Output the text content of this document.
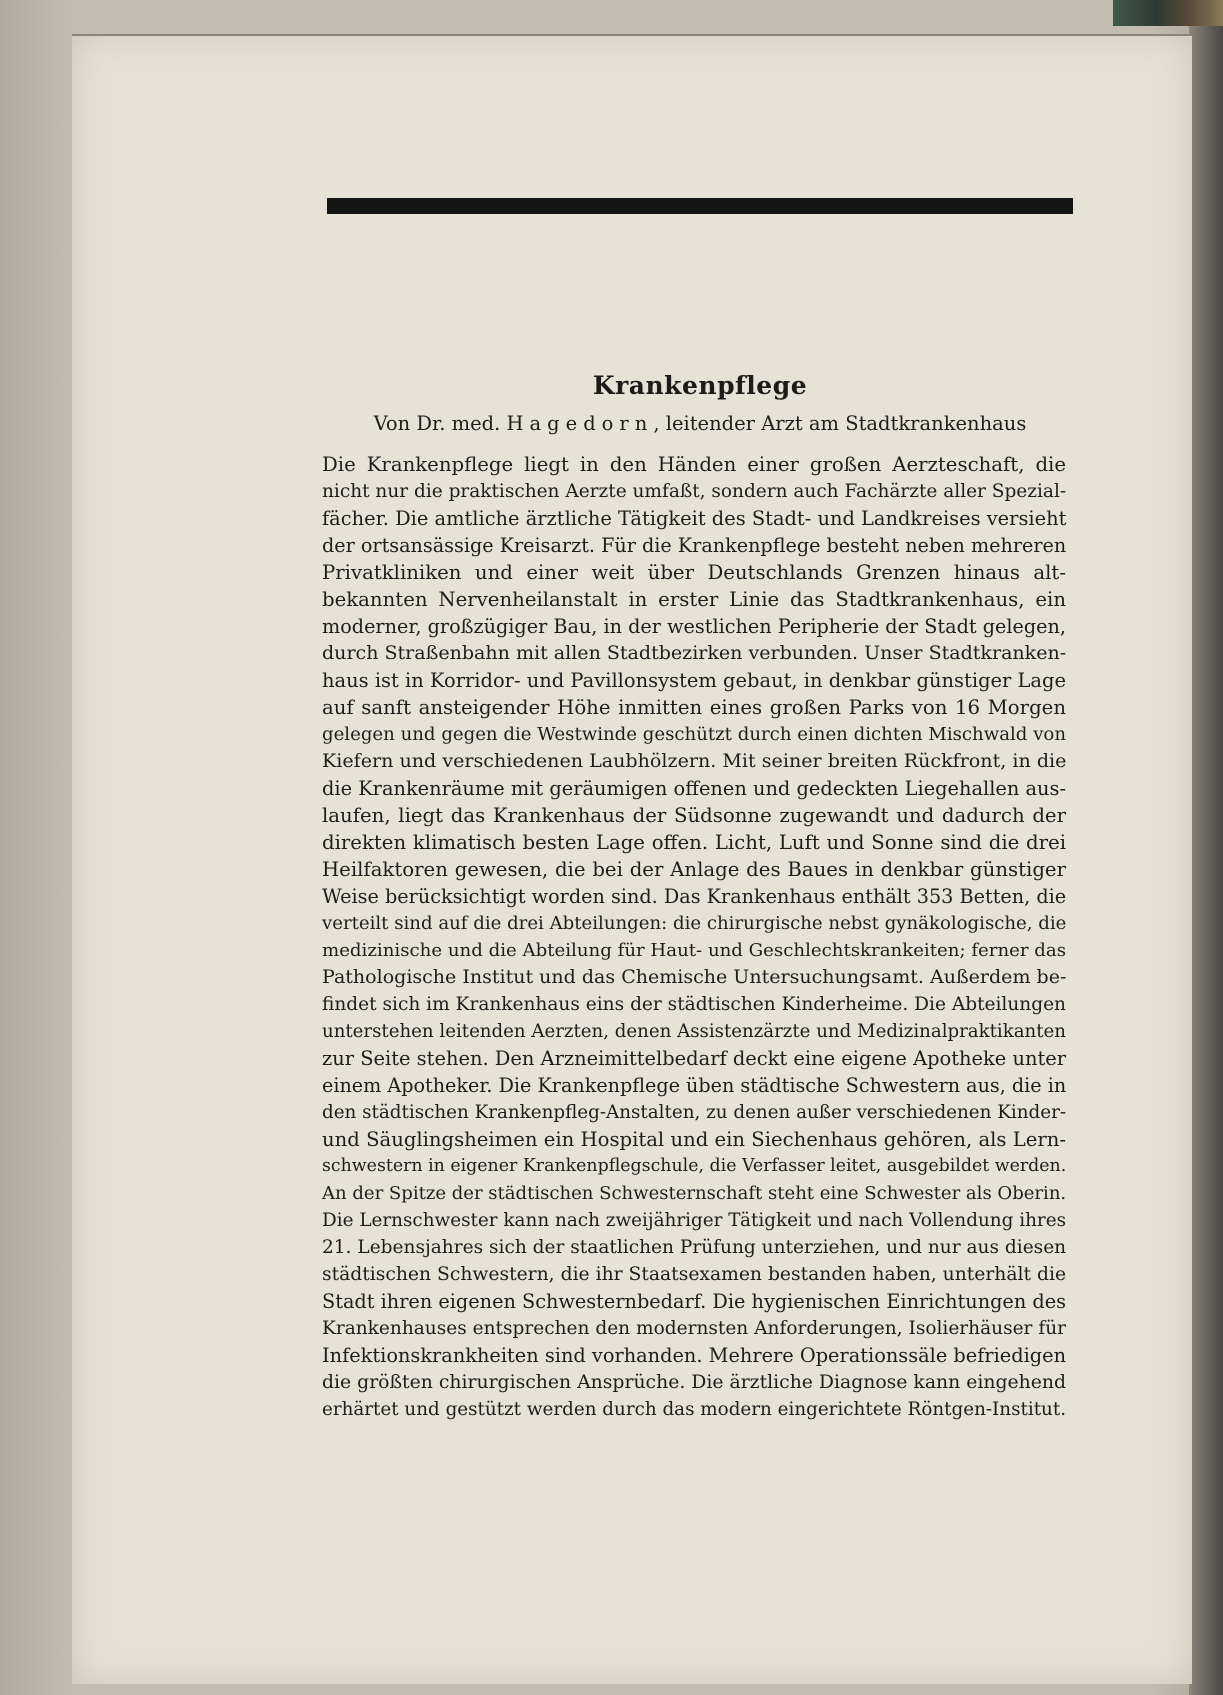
Krankenpflege
Von Dr. med. Hagedorn, leitender Arzt am Stadtkrankenhaus
Die Krankenpflege liegt in den Händen einer großen Aerzteschaft, die
nicht nur die praktischen Aerzte umfaßt, sondern auch Fachärzte aller Spezial-
fächer. Die amtliche ärztliche Tätigkeit des Stadt- und Landkreises versieht
der ortsansässige Kreisarzt. Für die Krankenpflege besteht neben mehreren
Privatkliniken und einer weit über Deutschlands Grenzen hinaus alt-
bekannten Nervenheilanstalt in erster Linie das Stadtkrankenhaus, ein
moderner, großzügiger Bau, in der westlichen Peripherie der Stadt gelegen,
durch Straßenbahn mit allen Stadtbezirken verbunden. Unser Stadtkranken-
haus ist in Korridor- und Pavillonsystem gebaut, in denkbar günstiger Lage
auf sanft ansteigender Höhe inmitten eines großen Parks von 16 Morgen
gelegen und gegen die Westwinde geschützt durch einen dichten Mischwald von
Kiefern und verschiedenen Laubhölzern. Mit seiner breiten Rückfront, in die
die Krankenräume mit geräumigen offenen und gedeckten Liegehallen aus-
laufen, liegt das Krankenhaus der Südsonne zugewandt und dadurch der
direkten klimatisch besten Lage offen. Licht, Luft und Sonne sind die drei
Heilfaktoren gewesen, die bei der Anlage des Baues in denkbar günstiger
Weise berücksichtigt worden sind. Das Krankenhaus enthält 353 Betten, die
verteilt sind auf die drei Abteilungen: die chirurgische nebst gynäkologische, die
medizinische und die Abteilung für Haut- und Geschlechtskrankeiten; ferner das
Pathologische Institut und das Chemische Untersuchungsamt. Außerdem be-
findet sich im Krankenhaus eins der städtischen Kinderheime. Die Abteilungen
unterstehen leitenden Aerzten, denen Assistenzärzte und Medizinalpraktikanten
zur Seite stehen. Den Arzneimittelbedarf deckt eine eigene Apotheke unter
einem Apotheker. Die Krankenpflege üben städtische Schwestern aus, die in
den städtischen Krankenpfleg-Anstalten, zu denen außer verschiedenen Kinder-
und Säuglingsheimen ein Hospital und ein Siechenhaus gehören, als Lern-
schwestern in eigener Krankenpflegschule, die Verfasser leitet, ausgebildet werden.
An der Spitze der städtischen Schwesternschaft steht eine Schwester als Oberin.
Die Lernschwester kann nach zweijähriger Tätigkeit und nach Vollendung ihres
21. Lebensjahres sich der staatlichen Prüfung unterziehen, und nur aus diesen
städtischen Schwestern, die ihr Staatsexamen bestanden haben, unterhält die
Stadt ihren eigenen Schwesternbedarf. Die hygienischen Einrichtungen des
Krankenhauses entsprechen den modernsten Anforderungen, Isolierhäuser für
Infektionskrankheiten sind vorhanden. Mehrere Operationssäle befriedigen
die größten chirurgischen Ansprüche. Die ärztliche Diagnose kann eingehend
erhärtet und gestützt werden durch das modern eingerichtete Röntgen-Institut.
